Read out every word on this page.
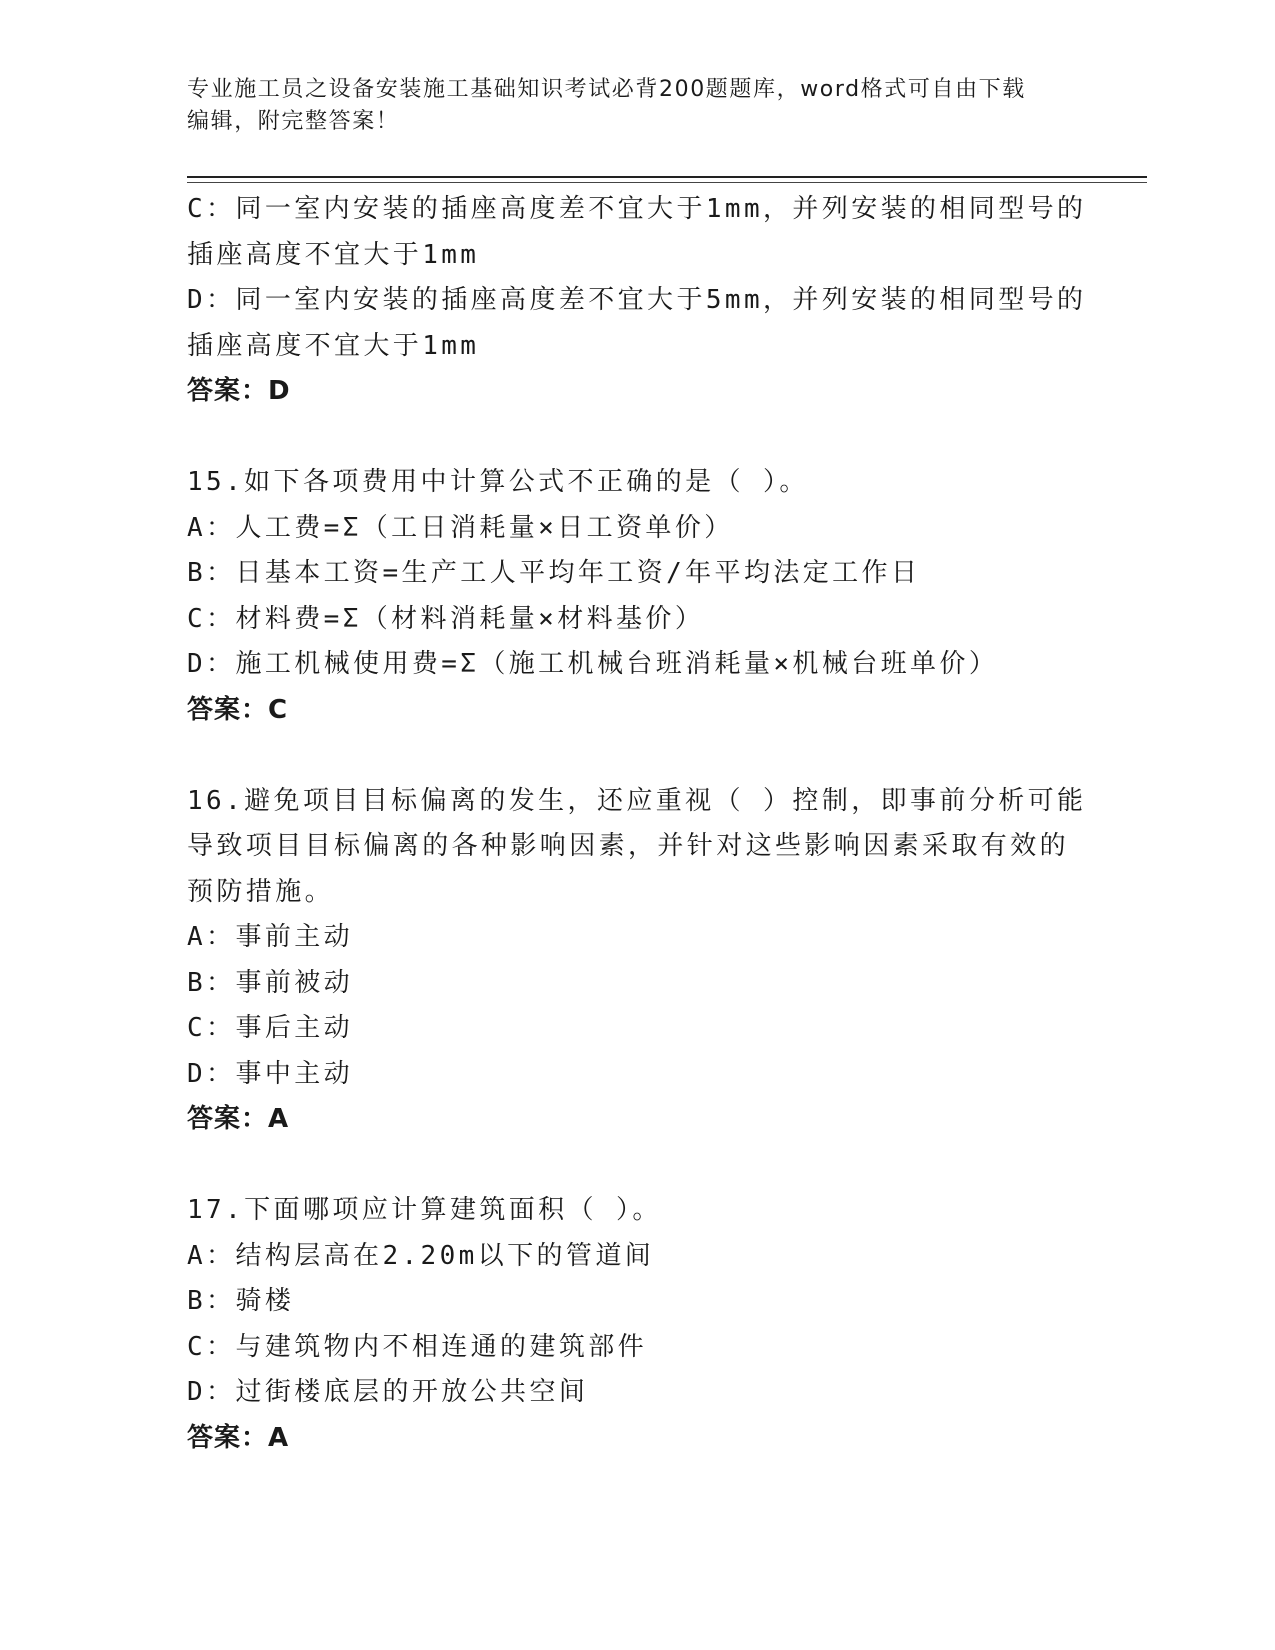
专业施工员之设备安装施工基础知识考试必背200题题库，word格式可自由下载
编辑，附完整答案！
C：同一室内安装的插座高度差不宜大于1mm，并列安装的相同型号的
插座高度不宜大于1mm
D：同一室内安装的插座高度差不宜大于5mm，并列安装的相同型号的
插座高度不宜大于1mm
答案：D
15.如下各项费用中计算公式不正确的是（ ）。
A：人工费=Σ（工日消耗量×日工资单价）
B：日基本工资=生产工人平均年工资/年平均法定工作日
C：材料费=Σ（材料消耗量×材料基价）
D：施工机械使用费=Σ（施工机械台班消耗量×机械台班单价）
答案：C
16.避免项目目标偏离的发生，还应重视（ ）控制，即事前分析可能
导致项目目标偏离的各种影响因素，并针对这些影响因素采取有效的
预防措施。
A：事前主动
B：事前被动
C：事后主动
D：事中主动
答案：A
17.下面哪项应计算建筑面积（ ）。
A：结构层高在2.20m以下的管道间
B：骑楼
C：与建筑物内不相连通的建筑部件
D：过街楼底层的开放公共空间
答案：A
